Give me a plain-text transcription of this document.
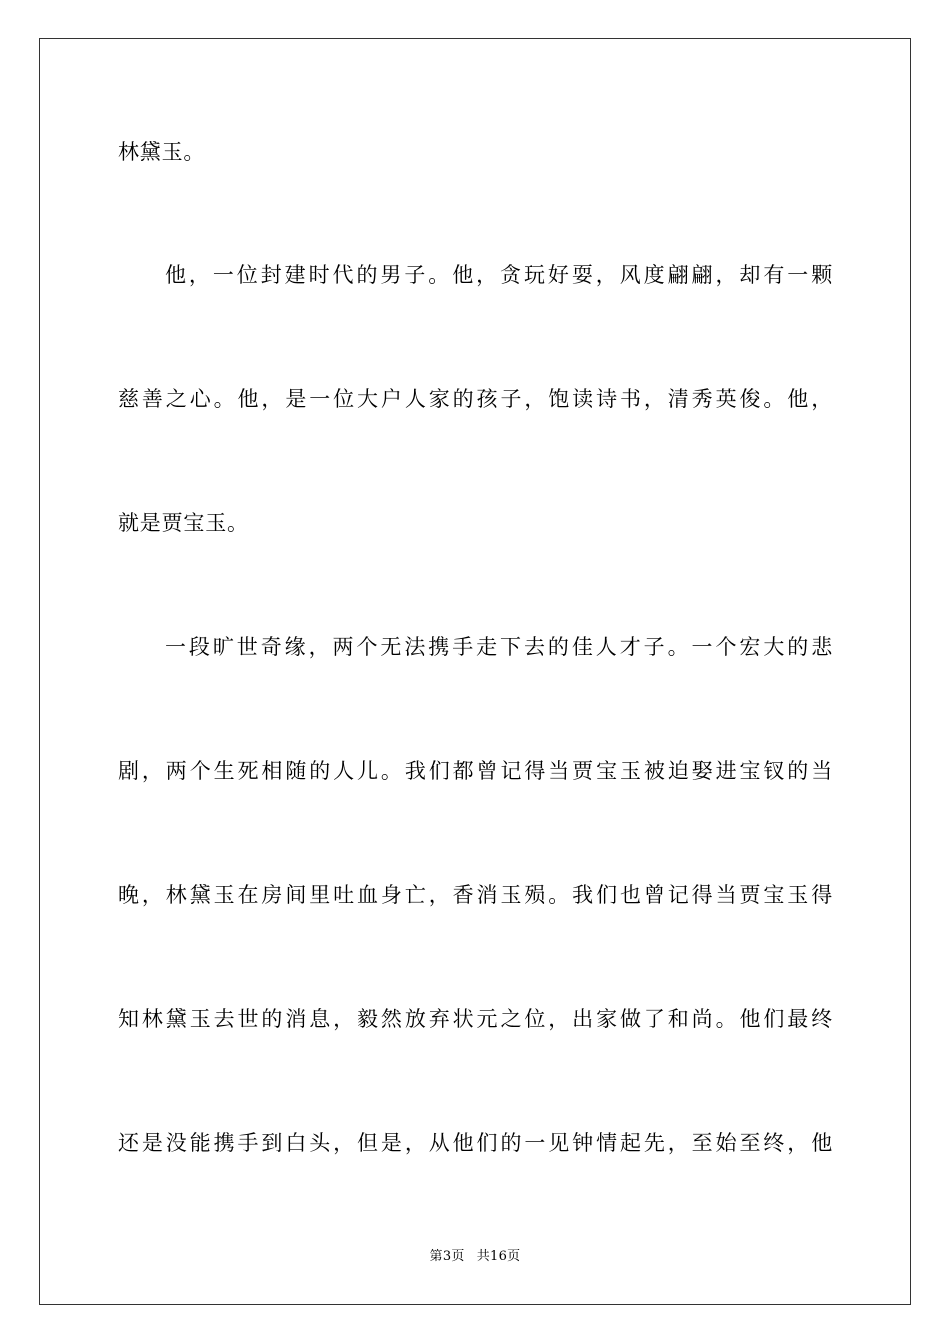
林黛玉。
他，一位封建时代的男子。他，贪玩好耍，风度翩翩，却有一颗
慈善之心。他，是一位大户人家的孩子，饱读诗书，清秀英俊。他，
就是贾宝玉。
一段旷世奇缘，两个无法携手走下去的佳人才子。一个宏大的悲
剧，两个生死相随的人儿。我们都曾记得当贾宝玉被迫娶进宝钗的当
晚，林黛玉在房间里吐血身亡，香消玉殒。我们也曾记得当贾宝玉得
知林黛玉去世的消息，毅然放弃状元之位，出家做了和尚。他们最终
还是没能携手到白头，但是，从他们的一见钟情起先，至始至终，他
第3页 共16页
